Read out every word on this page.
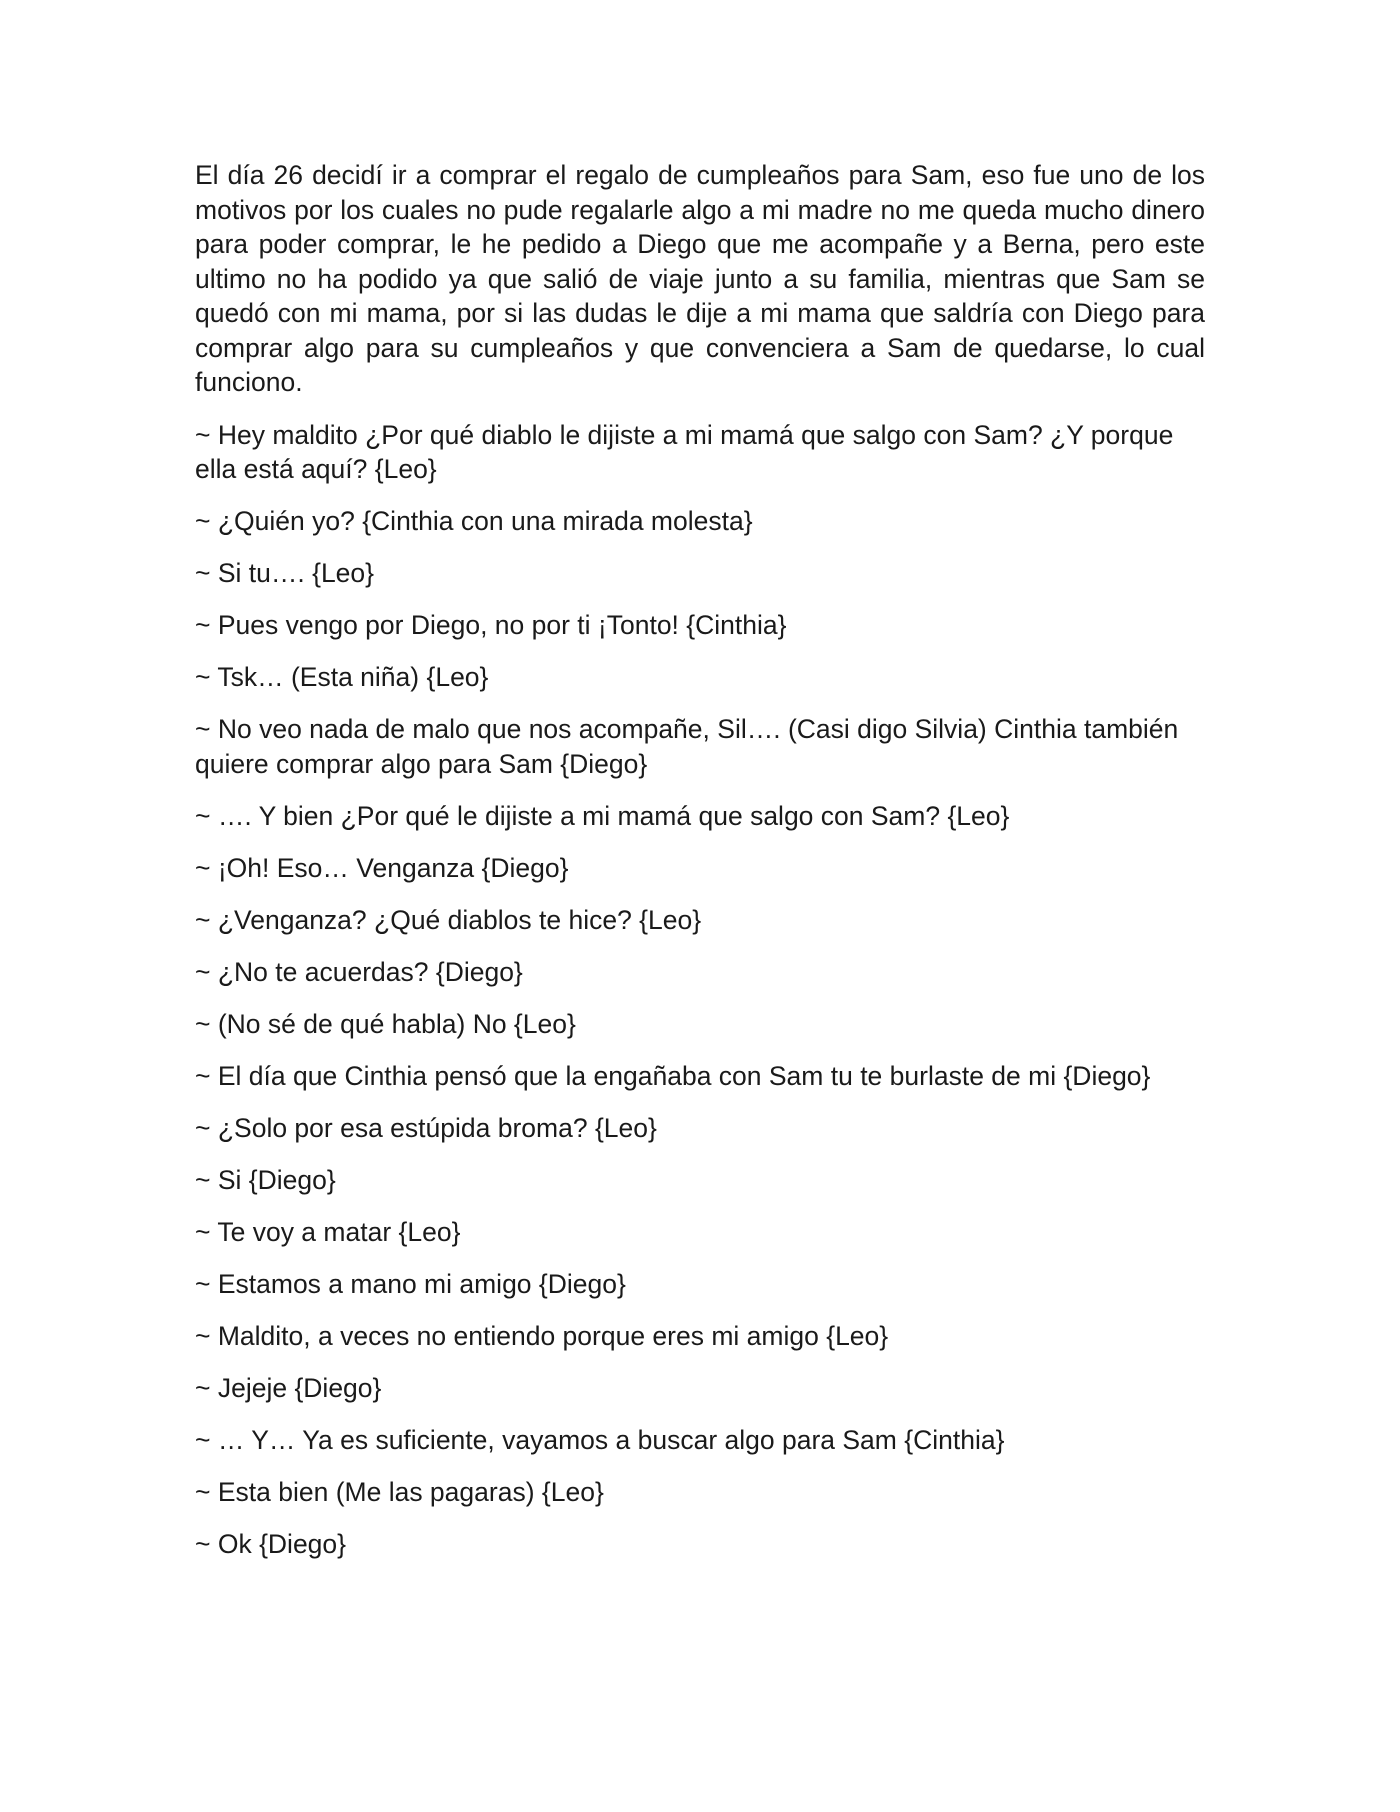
El día 26 decidí ir a comprar el regalo de cumpleaños para Sam, eso fue uno de los motivos por los cuales no pude regalarle algo a mi madre no me queda mucho dinero para poder comprar, le he pedido a Diego que me acompañe y a Berna, pero este ultimo no ha podido ya que salió de viaje junto a su familia, mientras que Sam se quedó con mi mama, por si las dudas le dije a mi mama que saldría con Diego para comprar algo para su cumpleaños y que convenciera a Sam de quedarse, lo cual funciono.

~ Hey maldito ¿Por qué diablo le dijiste a mi mamá que salgo con Sam? ¿Y porque ella está aquí? {Leo}
~ ¿Quién yo? {Cinthia con una mirada molesta}
~ Si tu…. {Leo}
~ Pues vengo por Diego, no por ti ¡Tonto! {Cinthia}
~ Tsk… (Esta niña) {Leo}
~ No veo nada de malo que nos acompañe, Sil…. (Casi digo Silvia) Cinthia también quiere comprar algo para Sam {Diego}
~ …. Y bien ¿Por qué le dijiste a mi mamá que salgo con Sam? {Leo}
~ ¡Oh! Eso… Venganza {Diego}
~ ¿Venganza? ¿Qué diablos te hice? {Leo}
~ ¿No te acuerdas? {Diego}
~ (No sé de qué habla) No {Leo}
~ El día que Cinthia pensó que la engañaba con Sam tu te burlaste de mi {Diego}
~ ¿Solo por esa estúpida broma? {Leo}
~ Si {Diego}
~ Te voy a matar {Leo}
~ Estamos a mano mi amigo {Diego}
~ Maldito, a veces no entiendo porque eres mi amigo {Leo}
~ Jejeje {Diego}
~ … Y… Ya es suficiente, vayamos a buscar algo para Sam {Cinthia}
~ Esta bien (Me las pagaras) {Leo}
~ Ok {Diego}
